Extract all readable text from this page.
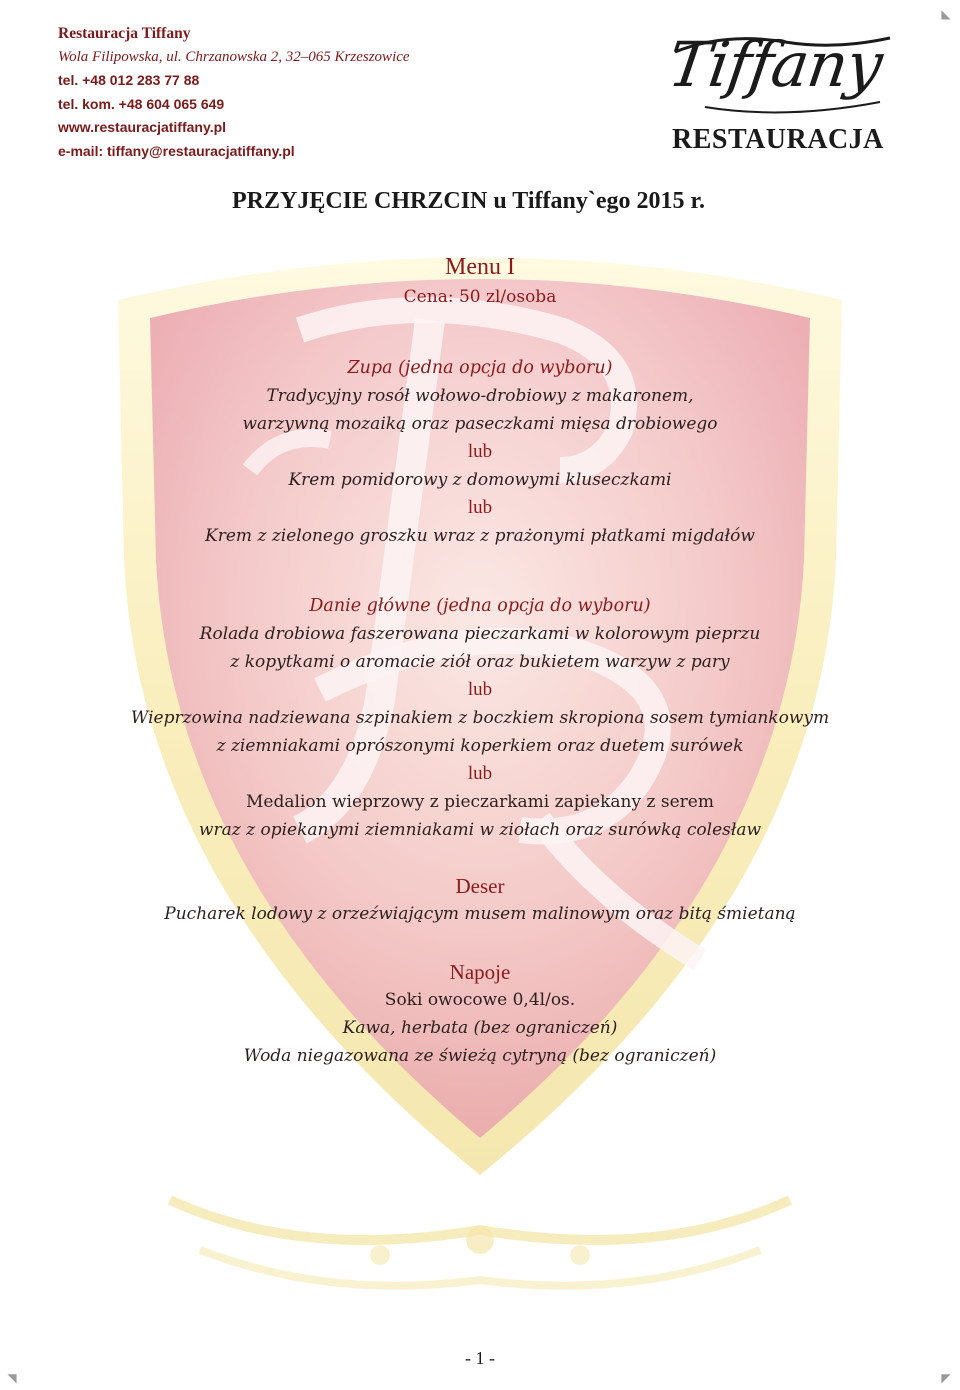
◣
◤
◥
Restauracja Tiffany
Wola Filipowska, ul. Chrzanowska 2, 32–065 Krzeszowice
tel. +48 012 283 77 88
tel. kom. +48 604 065 649
www.restauracjatiffany.pl
e-mail: tiffany@restauracjatiffany.pl
Tiffany
RESTAURACJA
PRZYJĘCIE CHRZCIN u Tiffany`ego 2015 r.
Menu I
Cena: 50 zl/osoba
Zupa (jedna opcja do wyboru)
Tradycyjny rosół wołowo-drobiowy z makaronem,
warzywną mozaiką oraz paseczkami mięsa drobiowego
lub
Krem pomidorowy z domowymi kluseczkami
lub
Krem z zielonego groszku wraz z prażonymi płatkami migdałów
Danie główne (jedna opcja do wyboru)
Rolada drobiowa faszerowana pieczarkami w kolorowym pieprzu
z kopytkami o aromacie ziół oraz bukietem warzyw z pary
lub
Wieprzowina nadziewana szpinakiem z boczkiem skropiona sosem tymiankowym
z ziemniakami oprószonymi koperkiem oraz duetem surówek
lub
Medalion wieprzowy z pieczarkami zapiekany z serem
wraz z opiekanymi ziemniakami w ziołach oraz surówką colesław
Deser
Pucharek lodowy z orzeźwiającym musem malinowym oraz bitą śmietaną
Napoje
Soki owocowe 0,4l/os.
Kawa, herbata (bez ograniczeń)
Woda niegazowana ze świeżą cytryną (bez ograniczeń)
- 1 -
